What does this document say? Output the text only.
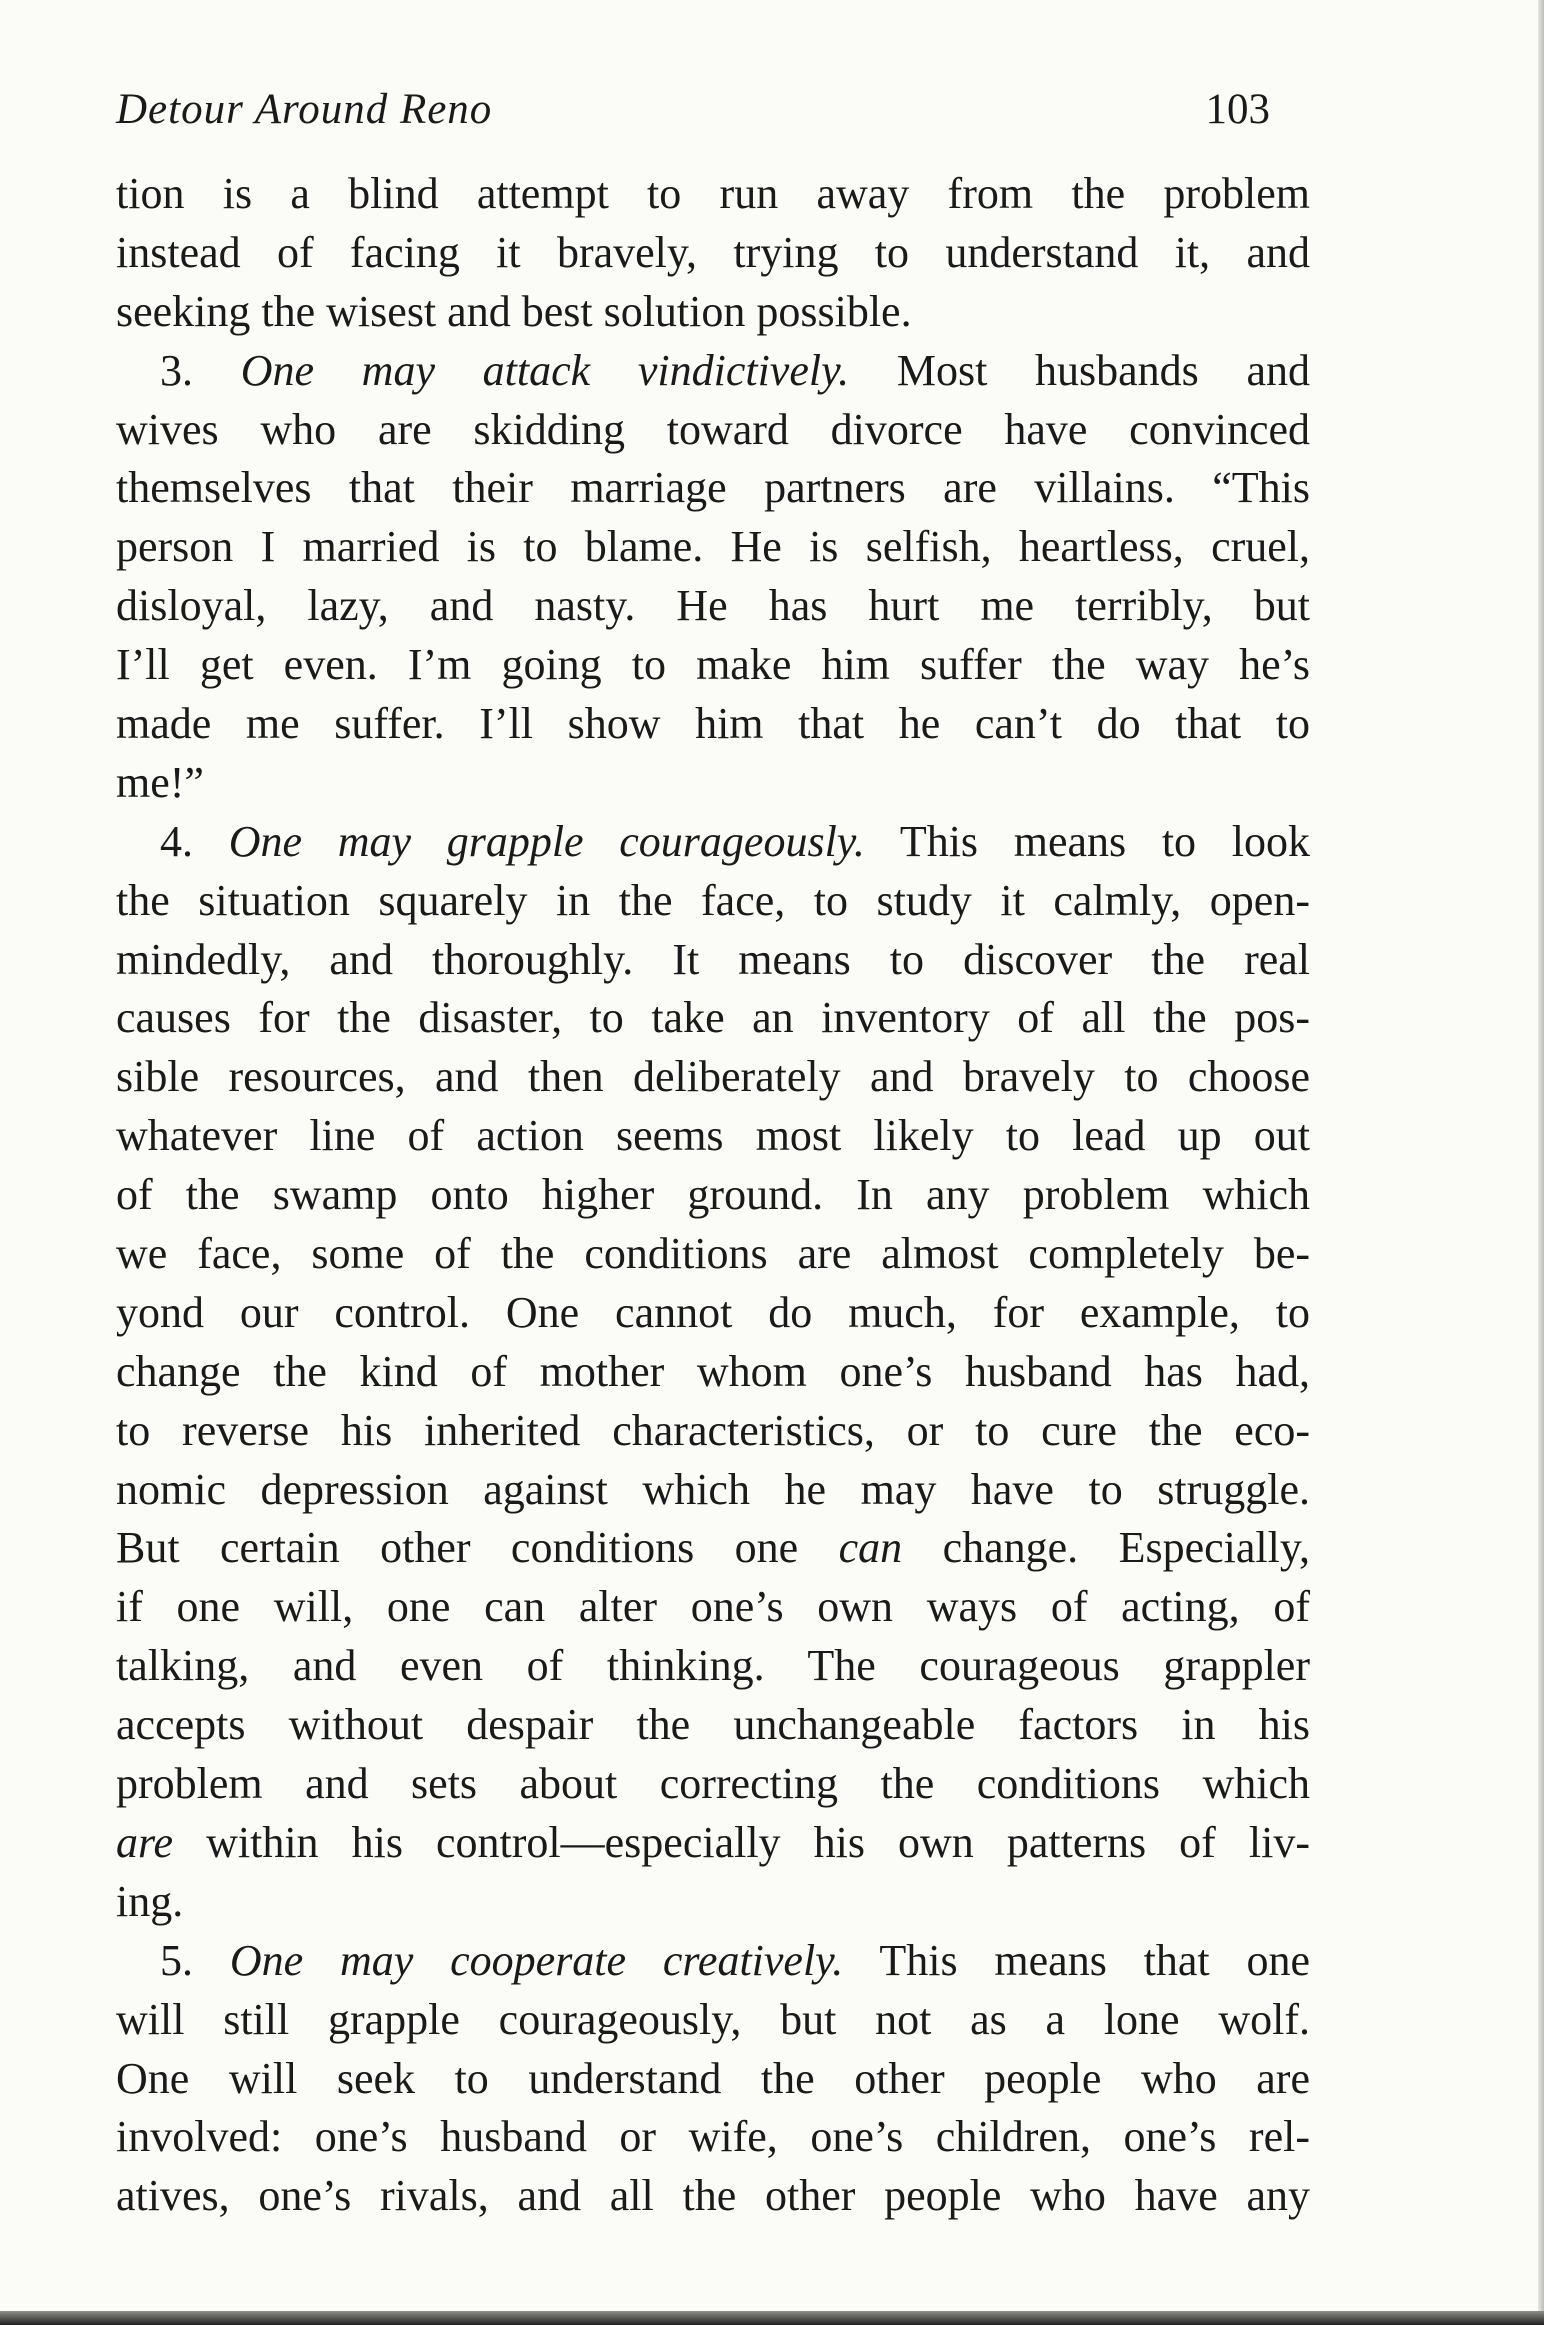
Detour Around Reno	103
tion is a blind attempt to run away from the problem
instead of facing it bravely, trying to understand it, and
seeking the wisest and best solution possible.
3. One may attack vindictively. Most husbands and
wives who are skidding toward divorce have convinced
themselves that their marriage partners are villains. “This
person I married is to blame. He is selfish, heartless, cruel,
disloyal, lazy, and nasty. He has hurt me terribly, but
I’ll get even. I’m going to make him suffer the way he’s
made me suffer. I’ll show him that he can’t do that to
me!”
4. One may grapple courageously. This means to look
the situation squarely in the face, to study it calmly, open-
mindedly, and thoroughly. It means to discover the real
causes for the disaster, to take an inventory of all the pos-
sible resources, and then deliberately and bravely to choose
whatever line of action seems most likely to lead up out
of the swamp onto higher ground. In any problem which
we face, some of the conditions are almost completely be-
yond our control. One cannot do much, for example, to
change the kind of mother whom one’s husband has had,
to reverse his inherited characteristics, or to cure the eco-
nomic depression against which he may have to struggle.
But certain other conditions one can change. Especially,
if one will, one can alter one’s own ways of acting, of
talking, and even of thinking. The courageous grappler
accepts without despair the unchangeable factors in his
problem and sets about correcting the conditions which
are within his control—especially his own patterns of liv-
ing.
5. One may cooperate creatively. This means that one
will still grapple courageously, but not as a lone wolf.
One will seek to understand the other people who are
involved: one’s husband or wife, one’s children, one’s rel-
atives, one’s rivals, and all the other people who have any
